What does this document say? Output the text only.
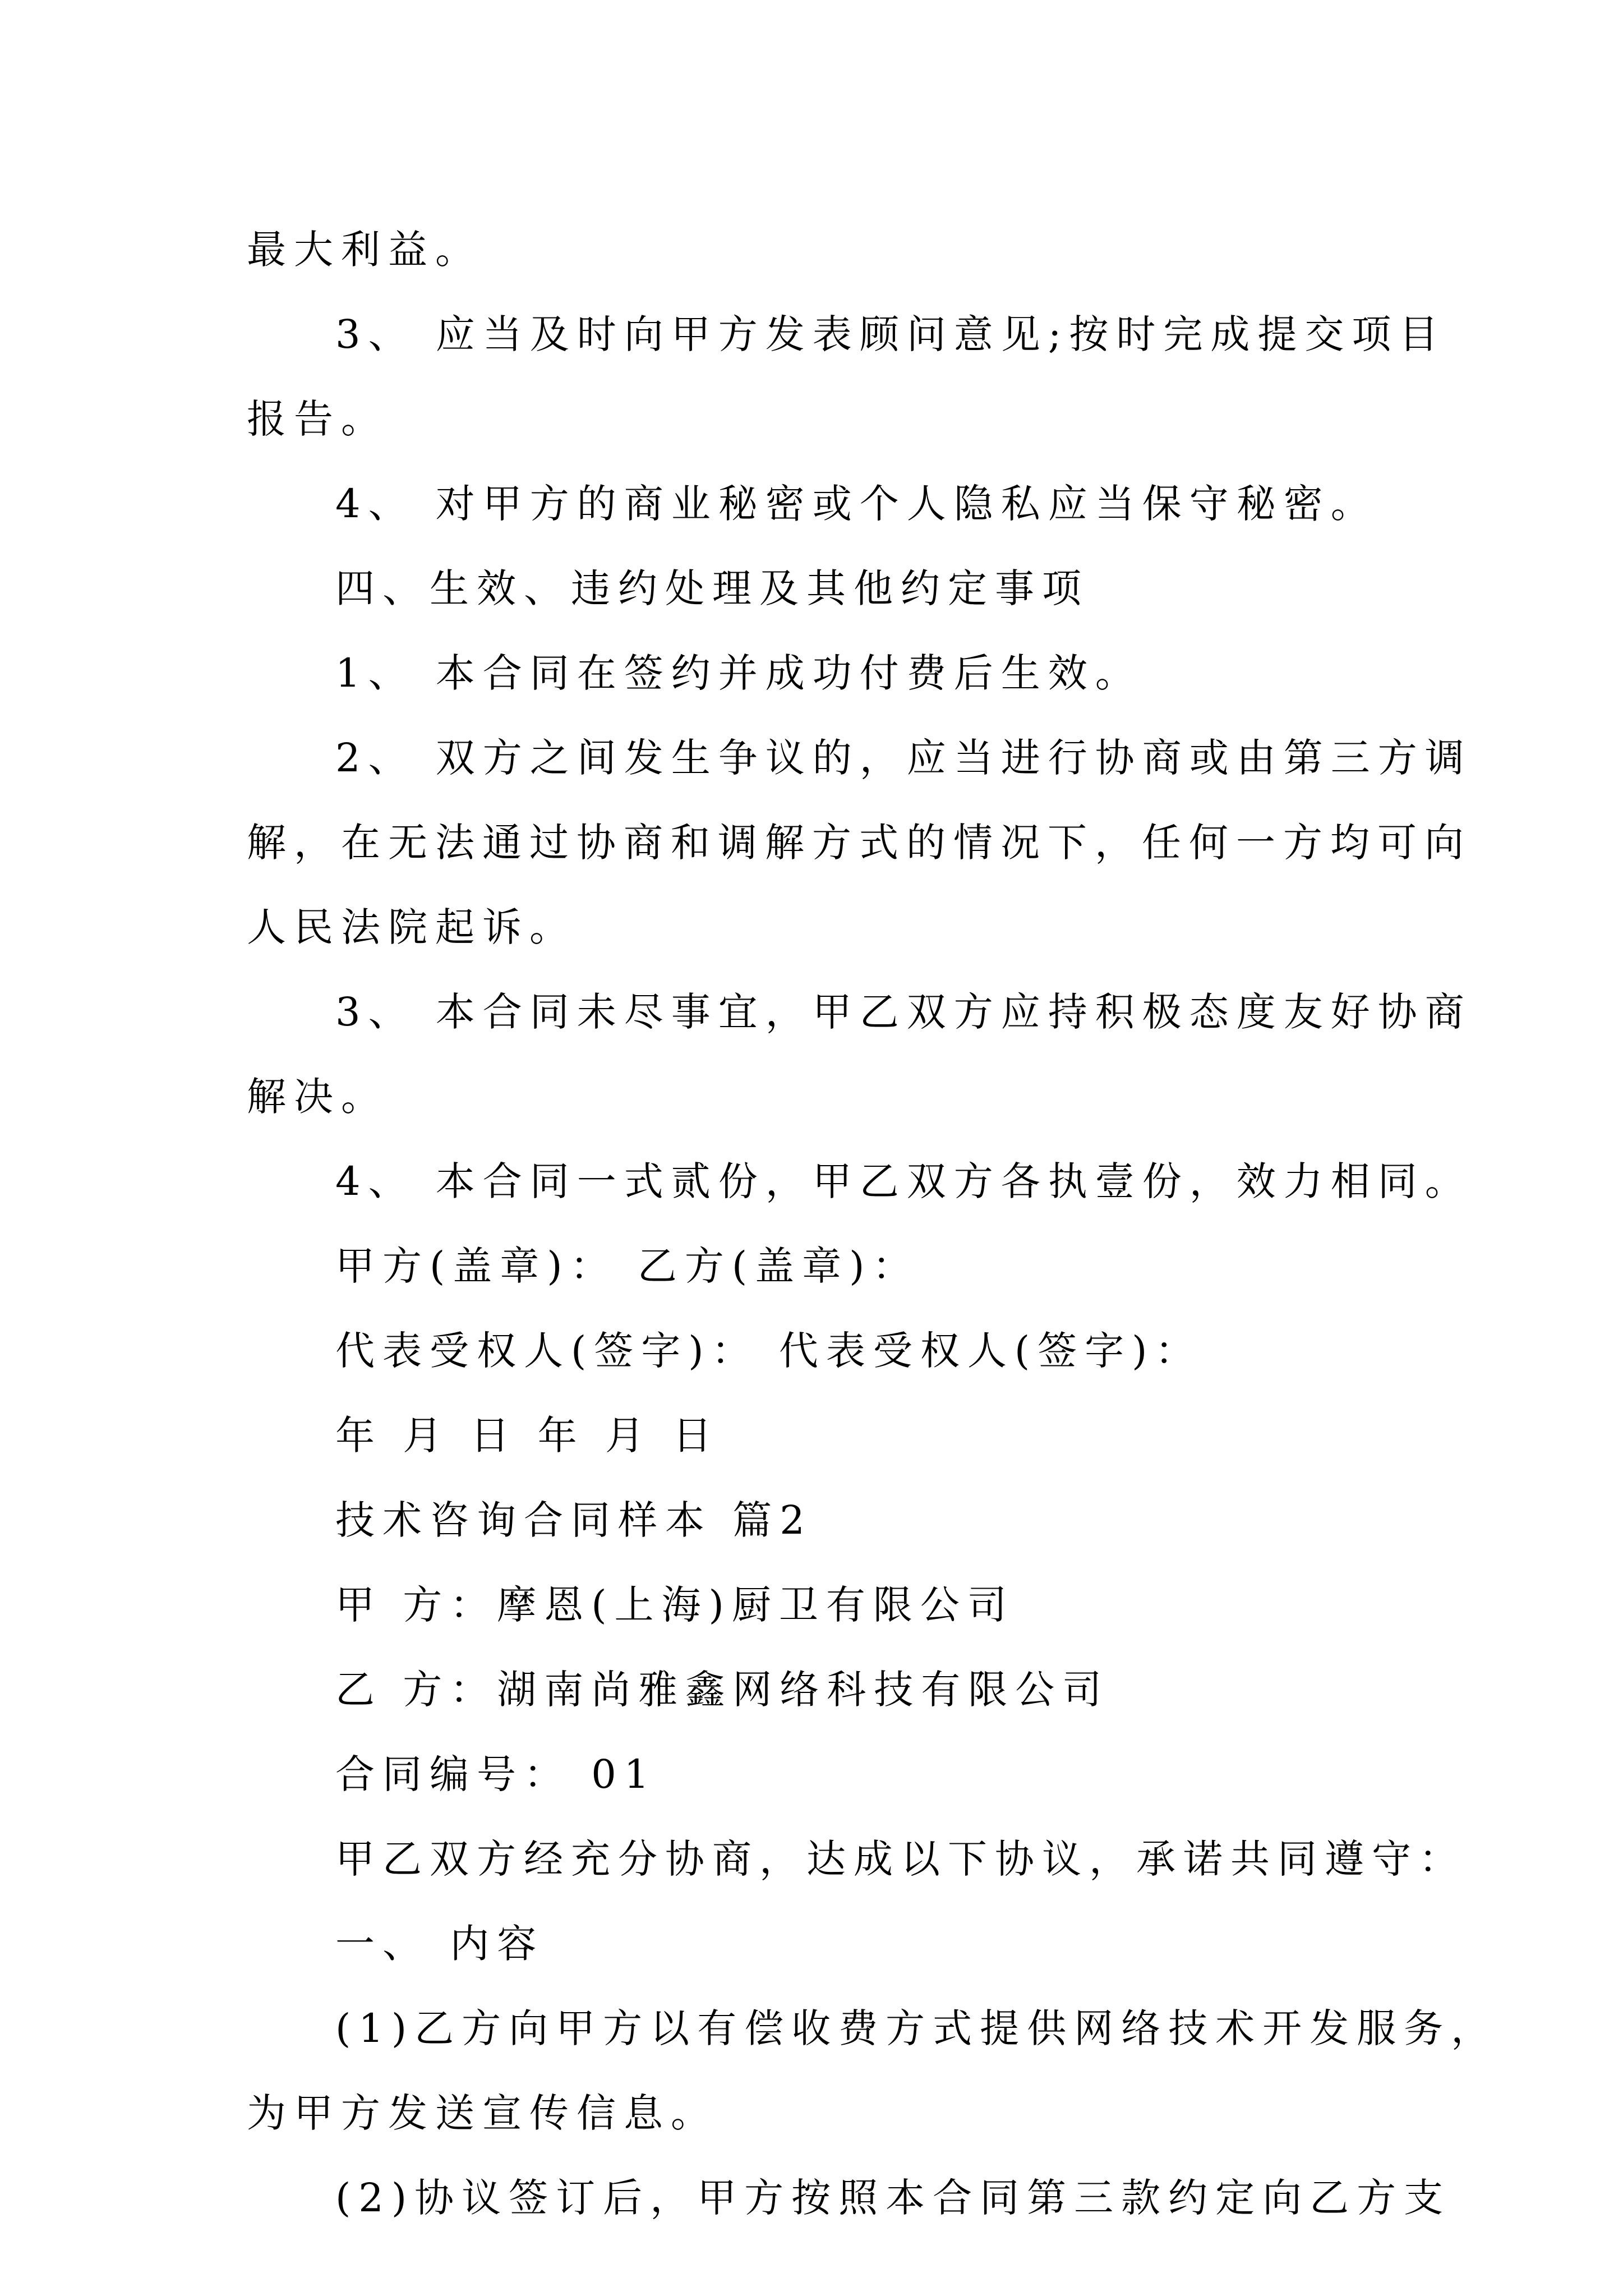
最大利益。
3、 应当及时向甲方发表顾问意见;按时完成提交项目
报告。
4、 对甲方的商业秘密或个人隐私应当保守秘密。
四、生效、违约处理及其他约定事项
1、 本合同在签约并成功付费后生效。
2、 双方之间发生争议的，应当进行协商或由第三方调
解，在无法通过协商和调解方式的情况下，任何一方均可向
人民法院起诉。
3、 本合同未尽事宜，甲乙双方应持积极态度友好协商
解决。
4、 本合同一式贰份，甲乙双方各执壹份，效力相同。
甲方(盖章)： 乙方(盖章)：
代表受权人(签字)： 代表受权人(签字)：
年 月 日 年 月 日
技术咨询合同样本 篇2
甲 方：摩恩(上海)厨卫有限公司
乙 方：湖南尚雅鑫网络科技有限公司
合同编号： 01
甲乙双方经充分协商，达成以下协议，承诺共同遵守：
一、 内容
(1)乙方向甲方以有偿收费方式提供网络技术开发服务，
为甲方发送宣传信息。
(2)协议签订后，甲方按照本合同第三款约定向乙方支
